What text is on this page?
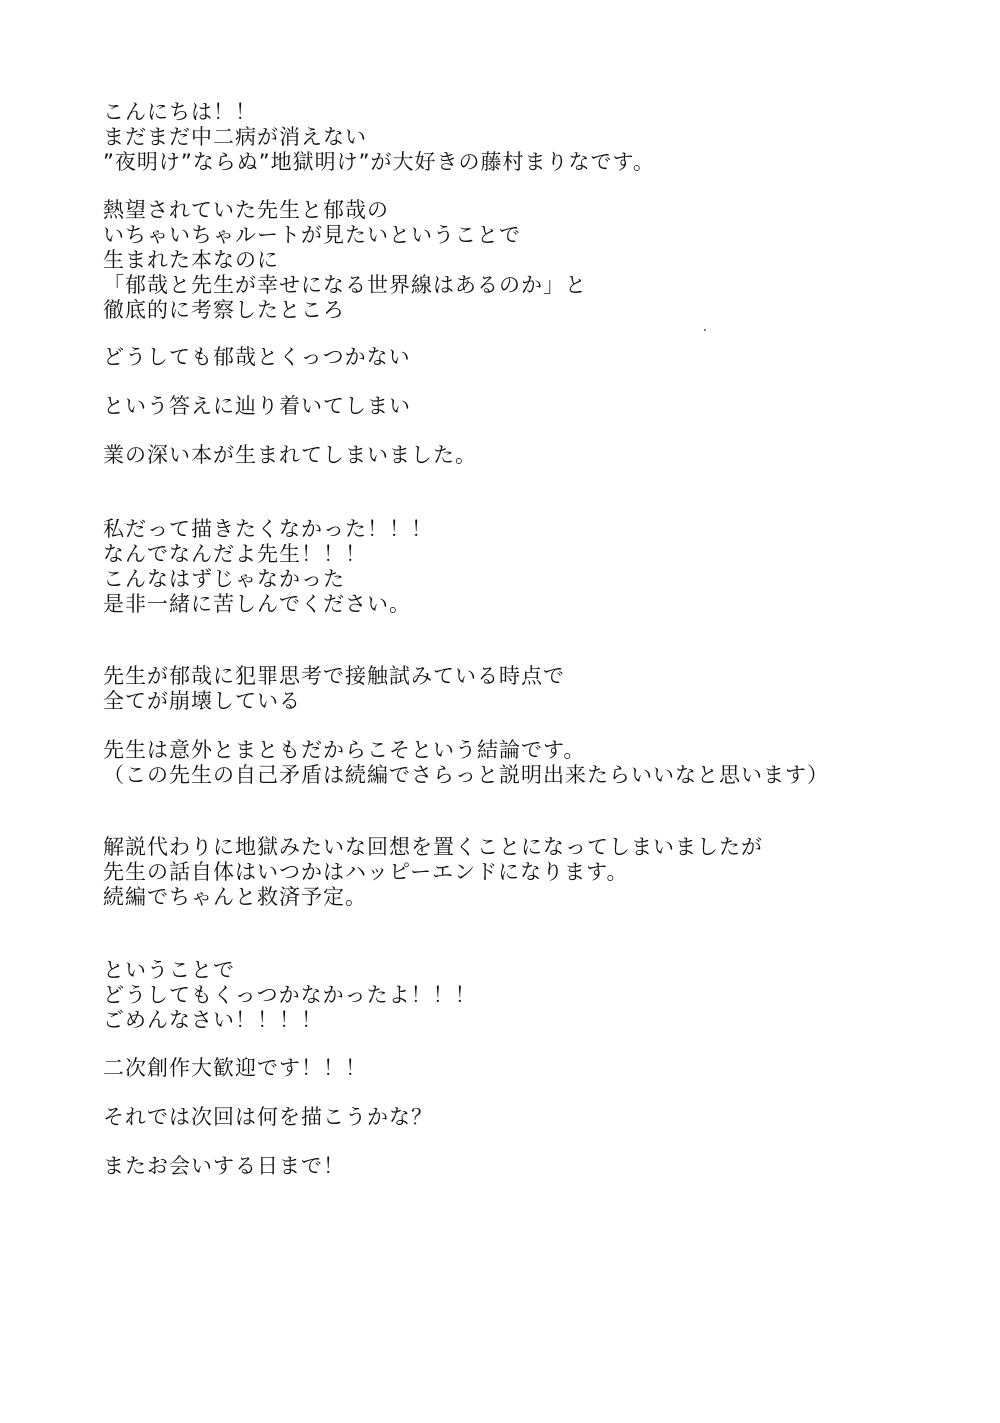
こんにちは！！
まだまだ中二病が消えない
”夜明け”ならぬ”地獄明け”が大好きの藤村まりなです。
熱望されていた先生と郁哉の
いちゃいちゃルートが見たいということで
生まれた本なのに
「郁哉と先生が幸せになる世界線はあるのか」と
徹底的に考察したところ
どうしても郁哉とくっつかない
という答えに辿り着いてしまい
業の深い本が生まれてしまいました。
私だって描きたくなかった！！！
なんでなんだよ先生！！！
こんなはずじゃなかった
是非一緒に苦しんでください。
先生が郁哉に犯罪思考で接触試みている時点で
全てが崩壊している
先生は意外とまともだからこそという結論です。
（この先生の自己矛盾は続編でさらっと説明出来たらいいなと思います）
解説代わりに地獄みたいな回想を置くことになってしまいましたが
先生の話自体はいつかはハッピーエンドになります。
続編でちゃんと救済予定。
ということで
どうしてもくっつかなかったよ！！！
ごめんなさい！！！！
二次創作大歓迎です！！！
それでは次回は何を描こうかな？
またお会いする日まで！
